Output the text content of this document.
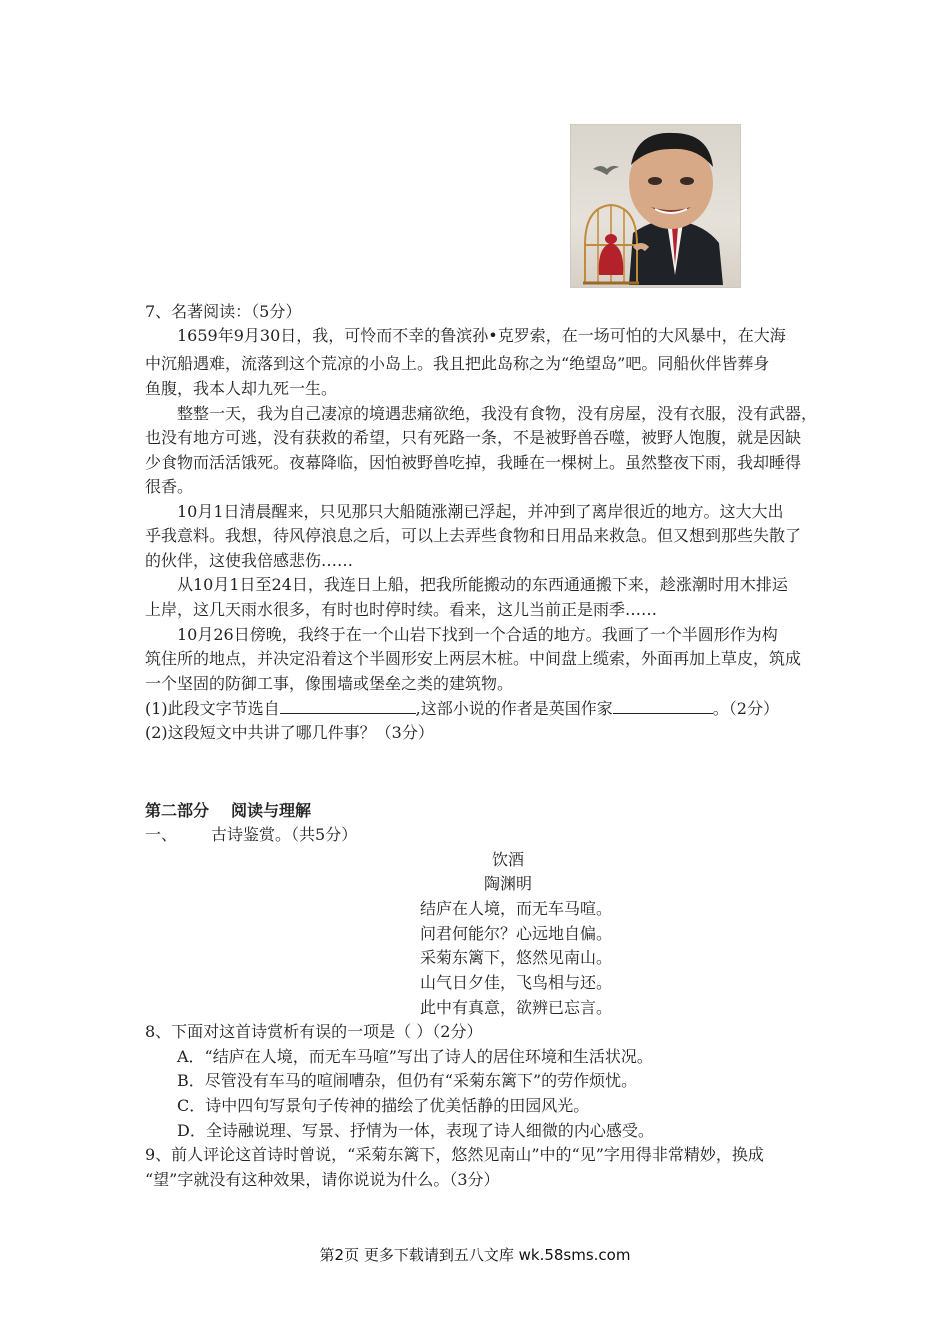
7、名著阅读：（5分）
1659年9月30日，我，可怜而不幸的鲁滨孙•克罗索，在一场可怕的大风暴中，在大海
中沉船遇难，流落到这个荒凉的小岛上。我且把此岛称之为“绝望岛”吧。同船伙伴皆葬身
鱼腹，我本人却九死一生。
整整一天，我为自己凄凉的境遇悲痛欲绝，我没有食物，没有房屋，没有衣服，没有武器，
也没有地方可逃，没有获救的希望，只有死路一条，不是被野兽吞噬，被野人饱腹，就是因缺
少食物而活活饿死。夜幕降临，因怕被野兽吃掉，我睡在一棵树上。虽然整夜下雨，我却睡得
很香。
10月1日清晨醒来，只见那只大船随涨潮已浮起，并冲到了离岸很近的地方。这大大出
乎我意料。我想，待风停浪息之后，可以上去弄些食物和日用品来救急。但又想到那些失散了
的伙伴，这使我倍感悲伤……
从10月1日至24日，我连日上船，把我所能搬动的东西通通搬下来，趁涨潮时用木排运
上岸，这几天雨水很多，有时也时停时续。看来，这儿当前正是雨季……
10月26日傍晚，我终于在一个山岩下找到一个合适的地方。我画了一个半圆形作为构
筑住所的地点，并决定沿着这个半圆形安上两层木桩。中间盘上缆索，外面再加上草皮，筑成
一个坚固的防御工事，像围墙或堡垒之类的建筑物。
(1)此段文字节选自	,这部小说的作者是英国作家	。（2分）
(2)这段短文中共讲了哪几件事？（3分）
第二部分 阅读与理解
一、 古诗鉴赏。（共5分）
饮酒
陶渊明
结庐在人境，而无车马喧。
问君何能尔？心远地自偏。
采菊东篱下，悠然见南山。
山气日夕佳，飞鸟相与还。
此中有真意，欲辨已忘言。
8、下面对这首诗赏析有误的一项是（ ）（2分）
A．“结庐在人境，而无车马喧”写出了诗人的居住环境和生活状况。
B．尽管没有车马的喧闹嘈杂，但仍有“采菊东篱下”的劳作烦忧。
C．诗中四句写景句子传神的描绘了优美恬静的田园风光。
D．全诗融说理、写景、抒情为一体，表现了诗人细微的内心感受。
9、前人评论这首诗时曾说，“采菊东篱下，悠然见南山”中的“见”字用得非常精妙，换成
“望”字就没有这种效果，请你说说为什么。（3分）
第2页 更多下载请到五八文库 wk.58sms.com
